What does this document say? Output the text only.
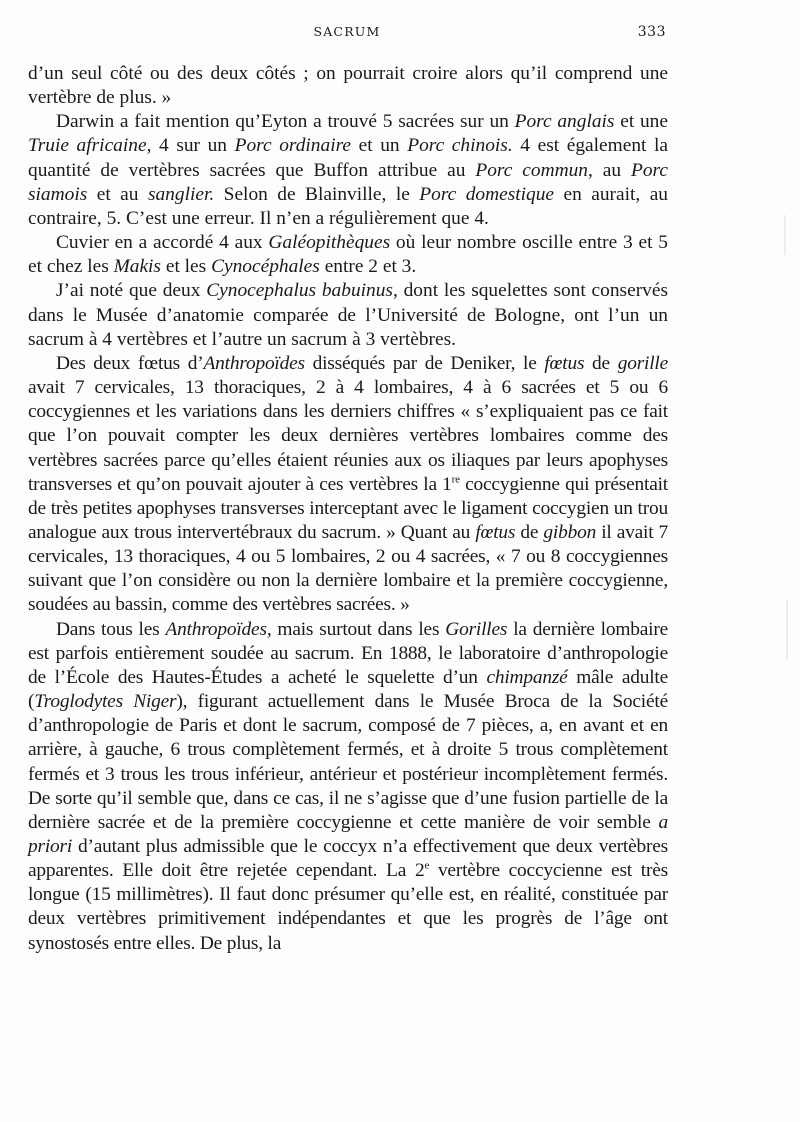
SACRUM	333

d’un seul côté ou des deux côtés ; on pourrait croire alors qu’il comprend une vertèbre de plus. »

Darwin a fait mention qu’Eyton a trouvé 5 sacrées sur un Porc anglais et une Truie africaine, 4 sur un Porc ordinaire et un Porc chinois. 4 est également la quantité de vertèbres sacrées que Buffon attribue au Porc commun, au Porc siamois et au sanglier. Selon de Blainville, le Porc domestique en aurait, au contraire, 5. C’est une erreur. Il n’en a régulièrement que 4.

Cuvier en a accordé 4 aux Galéopithèques où leur nombre oscille entre 3 et 5 et chez les Makis et les Cynocéphales entre 2 et 3.

J’ai noté que deux Cynocephalus babuinus, dont les squelettes sont conservés dans le Musée d’anatomie comparée de l’Université de Bologne, ont l’un un sacrum à 4 vertèbres et l’autre un sacrum à 3 vertèbres.

Des deux fœtus d’Anthropoïdes disséqués par de Deniker, le fœtus de gorille avait 7 cervicales, 13 thoraciques, 2 à 4 lombaires, 4 à 6 sacrées et 5 ou 6 coccygiennes et les variations dans les derniers chiffres « s’expliquaient pas ce fait que l’on pouvait compter les deux dernières vertèbres lombaires comme des vertèbres sacrées parce qu’elles étaient réunies aux os iliaques par leurs apophyses transverses et qu’on pouvait ajouter à ces vertèbres la 1re coccygienne qui présentait de très petites apophyses transverses interceptant avec le ligament coccygien un trou analogue aux trous intervertébraux du sacrum. » Quant au fœtus de gibbon il avait 7 cervicales, 13 thoraciques, 4 ou 5 lombaires, 2 ou 4 sacrées, « 7 ou 8 coccygiennes suivant que l’on considère ou non la dernière lombaire et la première coccygienne, soudées au bassin, comme des vertèbres sacrées. »

Dans tous les Anthropoïdes, mais surtout dans les Gorilles la dernière lombaire est parfois entièrement soudée au sacrum. En 1888, le laboratoire d’anthropologie de l’École des Hautes-Études a acheté le squelette d’un chimpanzé mâle adulte (Troglodytes Niger), figurant actuellement dans le Musée Broca de la Société d’anthropologie de Paris et dont le sacrum, composé de 7 pièces, a, en avant et en arrière, à gauche, 6 trous complètement fermés, et à droite 5 trous complètement fermés et 3 trous les trous inférieur, antérieur et postérieur incomplètement fermés. De sorte qu’il semble que, dans ce cas, il ne s’agisse que d’une fusion partielle de la dernière sacrée et de la première coccygienne et cette manière de voir semble a priori d’autant plus admissible que le coccyx n’a effectivement que deux vertèbres apparentes. Elle doit être rejetée cependant. La 2e vertèbre coccycienne est très longue (15 millimètres). Il faut donc présumer qu’elle est, en réalité, constituée par deux vertèbres primitivement indépendantes et que les progrès de l’âge ont synostosés entre elles. De plus, la
